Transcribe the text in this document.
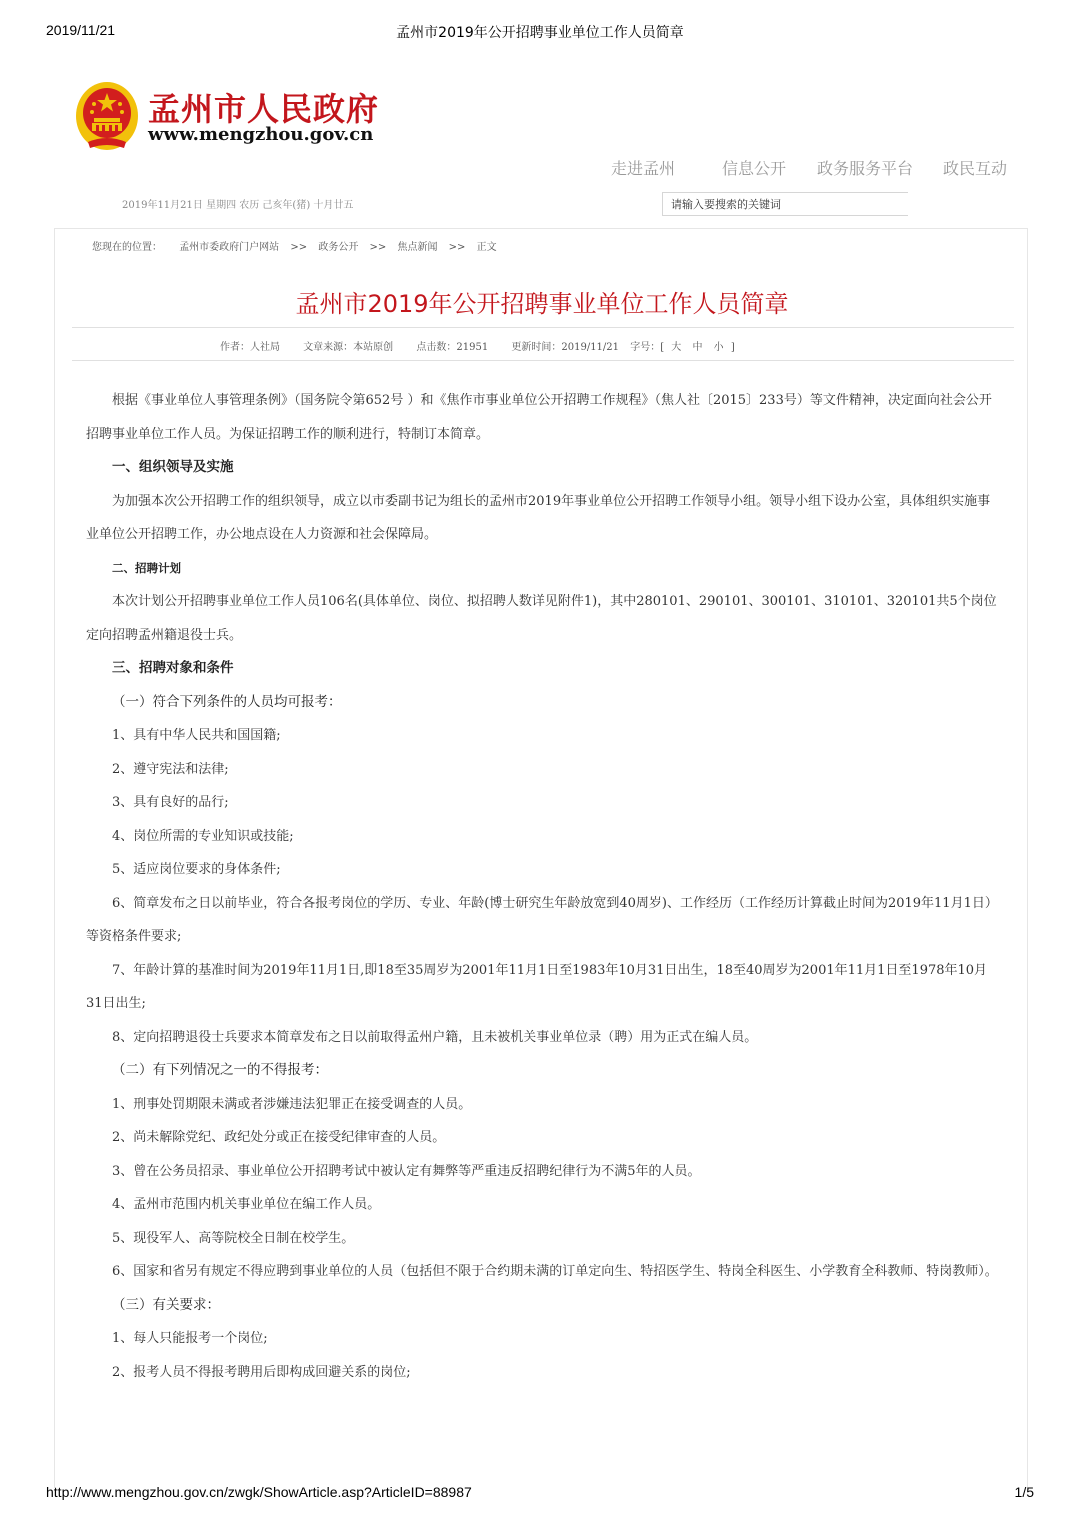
2019/11/21	孟州市2019年公开招聘事业单位工作人员简章
孟州市人民政府
www.mengzhou.gov.cn
走进孟州	信息公开 政务服务平台 政民互动
2019年11月21日 星期四 农历 己亥年(猪) 十月廿五
请输入要搜索的关键词
您现在的位置： 孟州市委政府门户网站 >> 政务公开 >> 焦点新闻 >> 正文
孟州市2019年公开招聘事业单位工作人员简章
作者：人社局 文章来源：本站原创 点击数：21951 更新时间：2019/11/21 字号：[ 大 中 小 ]

根据《事业单位人事管理条例》（国务院令第652号 ）和《焦作市事业单位公开招聘工作规程》（焦人社〔2015〕233号）等文件精神，决定面向社会公开招聘事业单位工作人员。为保证招聘工作的顺利进行，特制订本简章。

一、组织领导及实施

为加强本次公开招聘工作的组织领导，成立以市委副书记为组长的孟州市2019年事业单位公开招聘工作领导小组。领导小组下设办公室，具体组织实施事业单位公开招聘工作，办公地点设在人力资源和社会保障局。

二、招聘计划

本次计划公开招聘事业单位工作人员106名(具体单位、岗位、拟招聘人数详见附件1)，其中280101、290101、300101、310101、320101共5个岗位定向招聘孟州籍退役士兵。

三、招聘对象和条件

（一）符合下列条件的人员均可报考：

1、具有中华人民共和国国籍;

2、遵守宪法和法律;

3、具有良好的品行;

4、岗位所需的专业知识或技能;

5、适应岗位要求的身体条件;

6、简章发布之日以前毕业，符合各报考岗位的学历、专业、年龄(博士研究生年龄放宽到40周岁)、工作经历（工作经历计算截止时间为2019年11月1日）等资格条件要求;

7、年龄计算的基准时间为2019年11月1日,即18至35周岁为2001年11月1日至1983年10月31日出生，18至40周岁为2001年11月1日至1978年10月31日出生;

8、定向招聘退役士兵要求本简章发布之日以前取得孟州户籍，且未被机关事业单位录（聘）用为正式在编人员。

（二）有下列情况之一的不得报考：

1、刑事处罚期限未满或者涉嫌违法犯罪正在接受调查的人员。

2、尚未解除党纪、政纪处分或正在接受纪律审查的人员。

3、曾在公务员招录、事业单位公开招聘考试中被认定有舞弊等严重违反招聘纪律行为不满5年的人员。

4、孟州市范围内机关事业单位在编工作人员。

5、现役军人、高等院校全日制在校学生。

6、国家和省另有规定不得应聘到事业单位的人员（包括但不限于合约期未满的订单定向生、特招医学生、特岗全科医生、小学教育全科教师、特岗教师）。

（三）有关要求：

1、每人只能报考一个岗位;

2、报考人员不得报考聘用后即构成回避关系的岗位;

http://www.mengzhou.gov.cn/zwgk/ShowArticle.asp?ArticleID=88987	1/5
